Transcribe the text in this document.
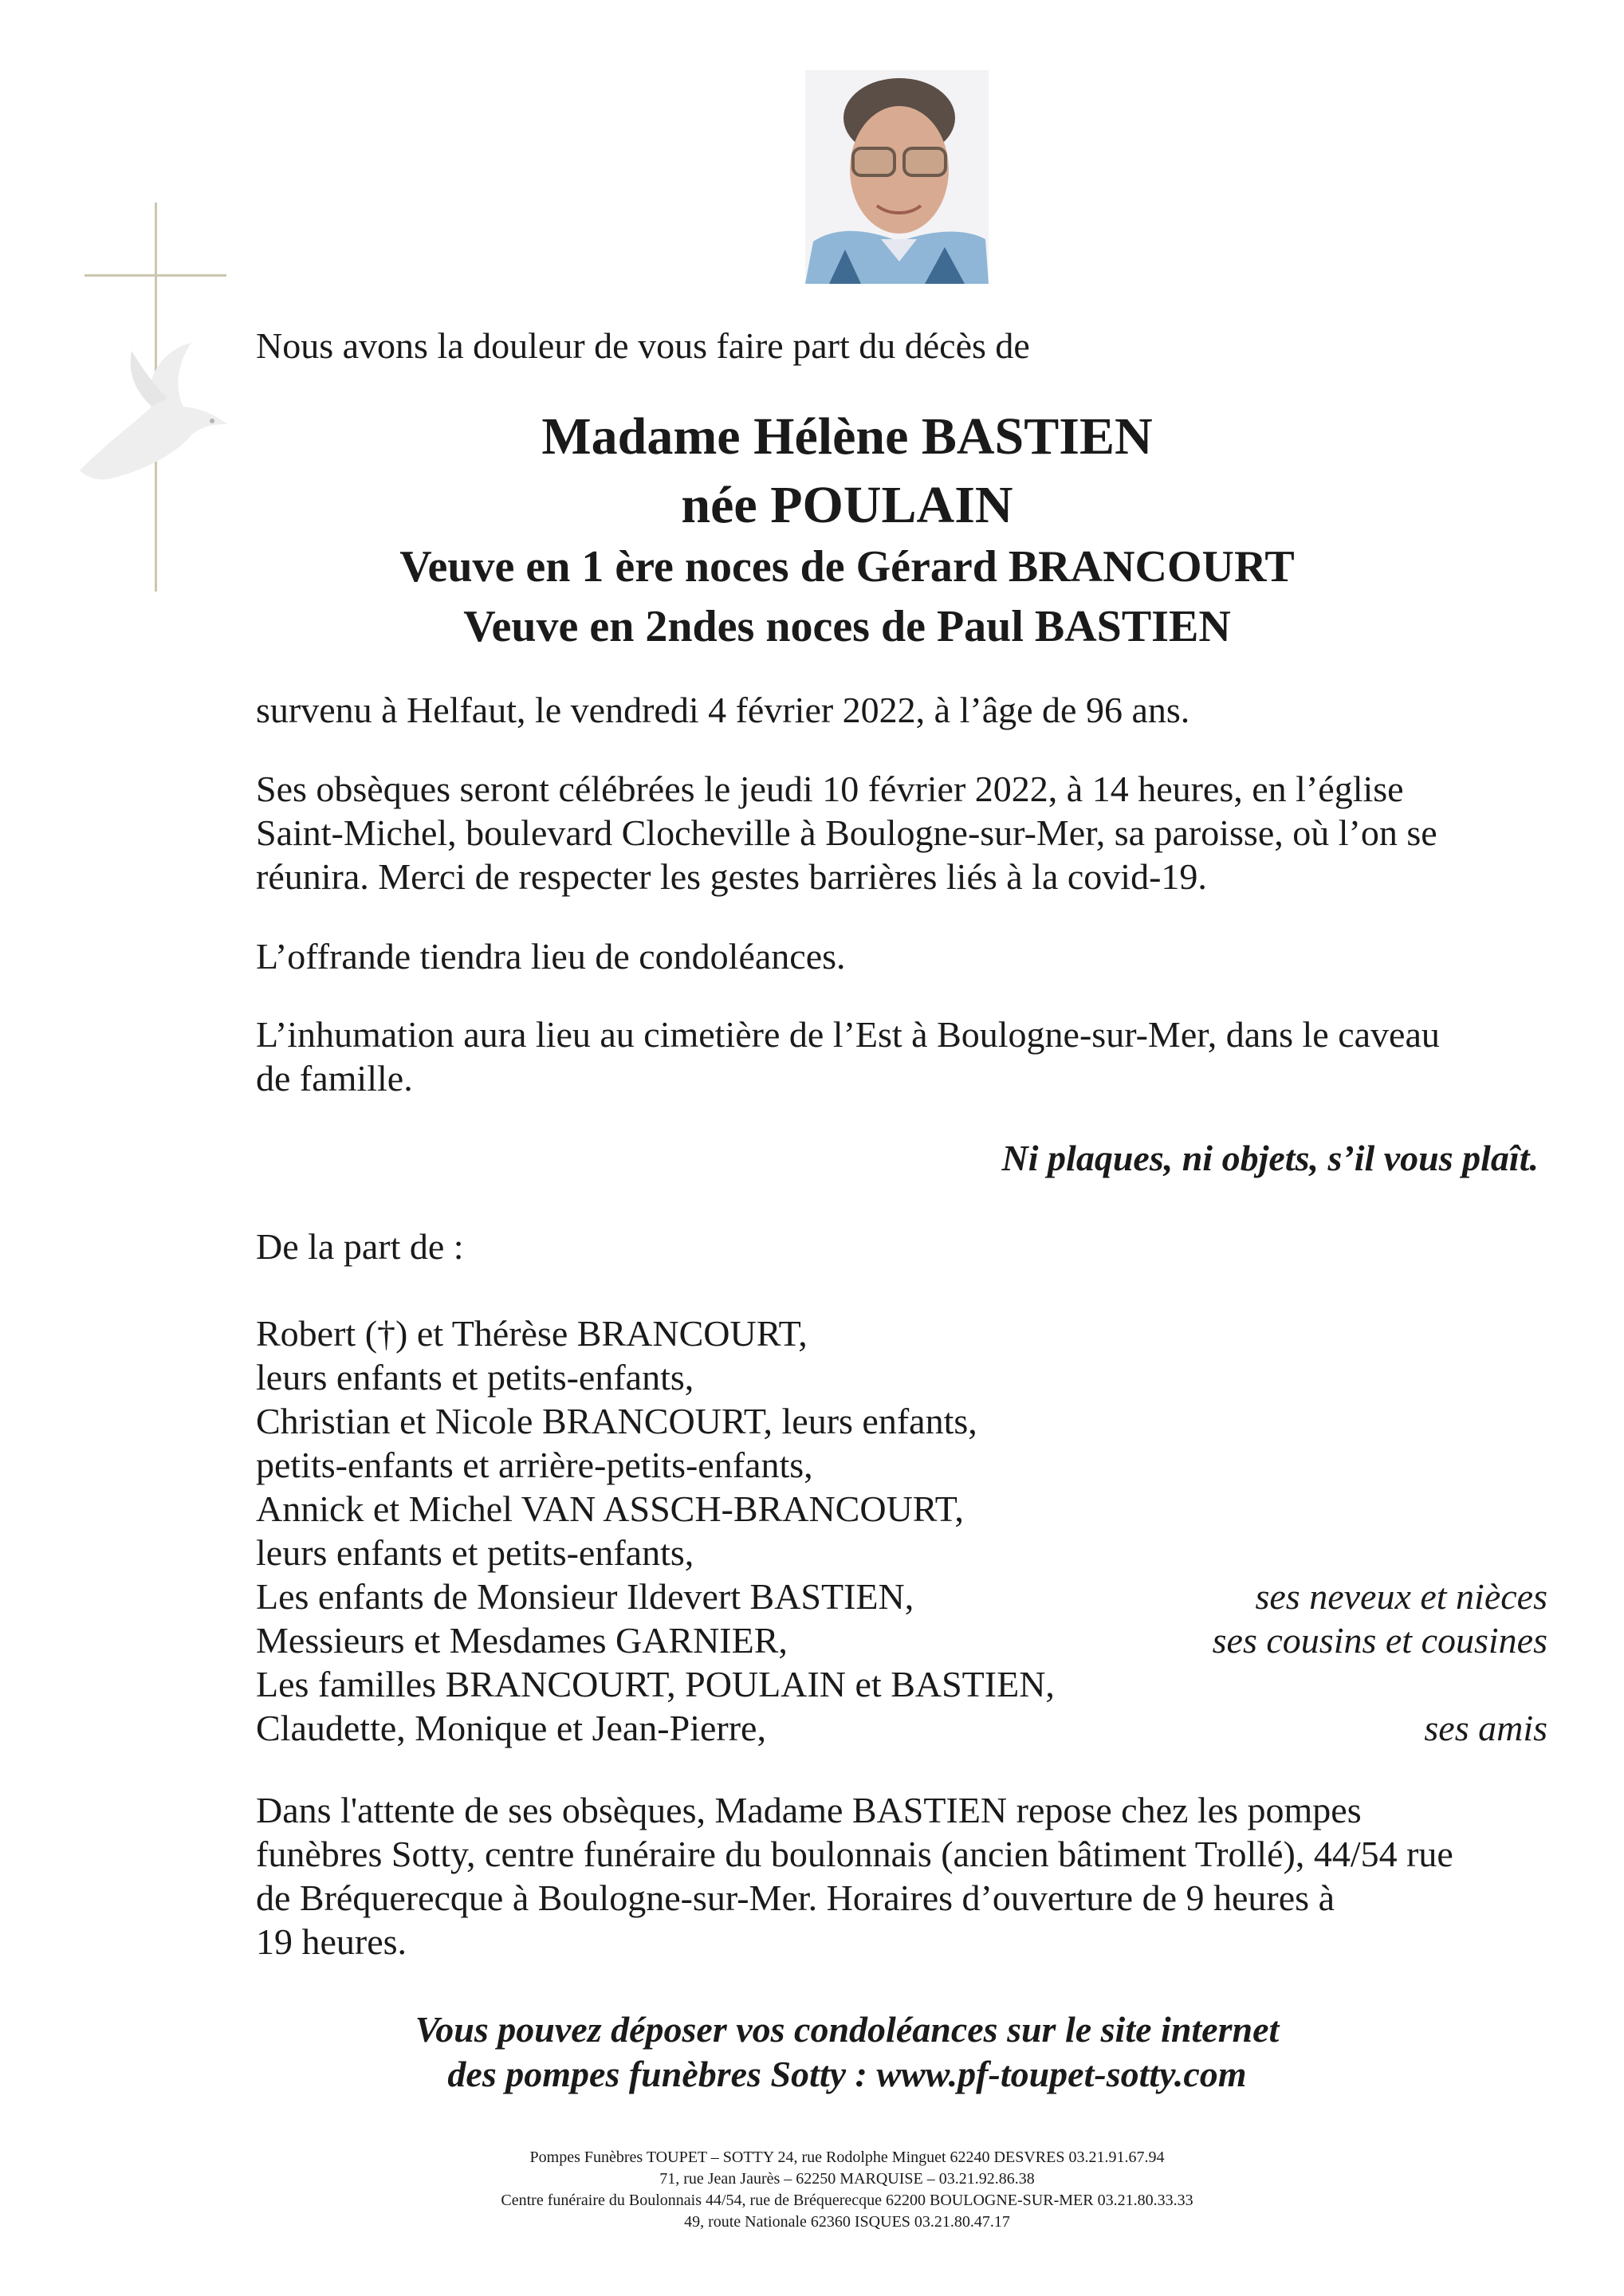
Nous avons la douleur de vous faire part du décès de
Madame Hélène BASTIEN
née POULAIN
Veuve en 1 ère noces de Gérard BRANCOURT
Veuve en 2ndes noces de Paul BASTIEN
survenu à Helfaut, le vendredi 4 février 2022, à l’âge de 96 ans.
Ses obsèques seront célébrées le jeudi 10 février 2022, à 14 heures, en l’église
Saint-Michel, boulevard Clocheville à Boulogne-sur-Mer, sa paroisse, où l’on se
réunira. Merci de respecter les gestes barrières liés à la covid-19.
L’offrande tiendra lieu de condoléances.
L’inhumation aura lieu au cimetière de l’Est à Boulogne-sur-Mer, dans le caveau
de famille.
Ni plaques, ni objets, s’il vous plaît.
De la part de :
Robert (†) et Thérèse BRANCOURT,
leurs enfants et petits-enfants,
Christian et Nicole BRANCOURT, leurs enfants,
petits-enfants et arrière-petits-enfants,
Annick et Michel VAN ASSCH-BRANCOURT,
leurs enfants et petits-enfants,
Les enfants de Monsieur Ildevert BASTIEN,	ses neveux et nièces
Messieurs et Mesdames GARNIER,	ses cousins et cousines
Les familles BRANCOURT, POULAIN et BASTIEN,
Claudette, Monique et Jean-Pierre,	ses amis
Dans l'attente de ses obsèques, Madame BASTIEN repose chez les pompes
funèbres Sotty, centre funéraire du boulonnais (ancien bâtiment Trollé), 44/54 rue
de Bréquerecque à Boulogne-sur-Mer. Horaires d’ouverture de 9 heures à
19 heures.
Vous pouvez déposer vos condoléances sur le site internet
des pompes funèbres Sotty : www.pf-toupet-sotty.com
Pompes Funèbres TOUPET – SOTTY 24, rue Rodolphe Minguet 62240 DESVRES 03.21.91.67.94
71, rue Jean Jaurès – 62250 MARQUISE – 03.21.92.86.38
Centre funéraire du Boulonnais 44/54, rue de Bréquerecque 62200 BOULOGNE-SUR-MER 03.21.80.33.33
49, route Nationale 62360 ISQUES 03.21.80.47.17
